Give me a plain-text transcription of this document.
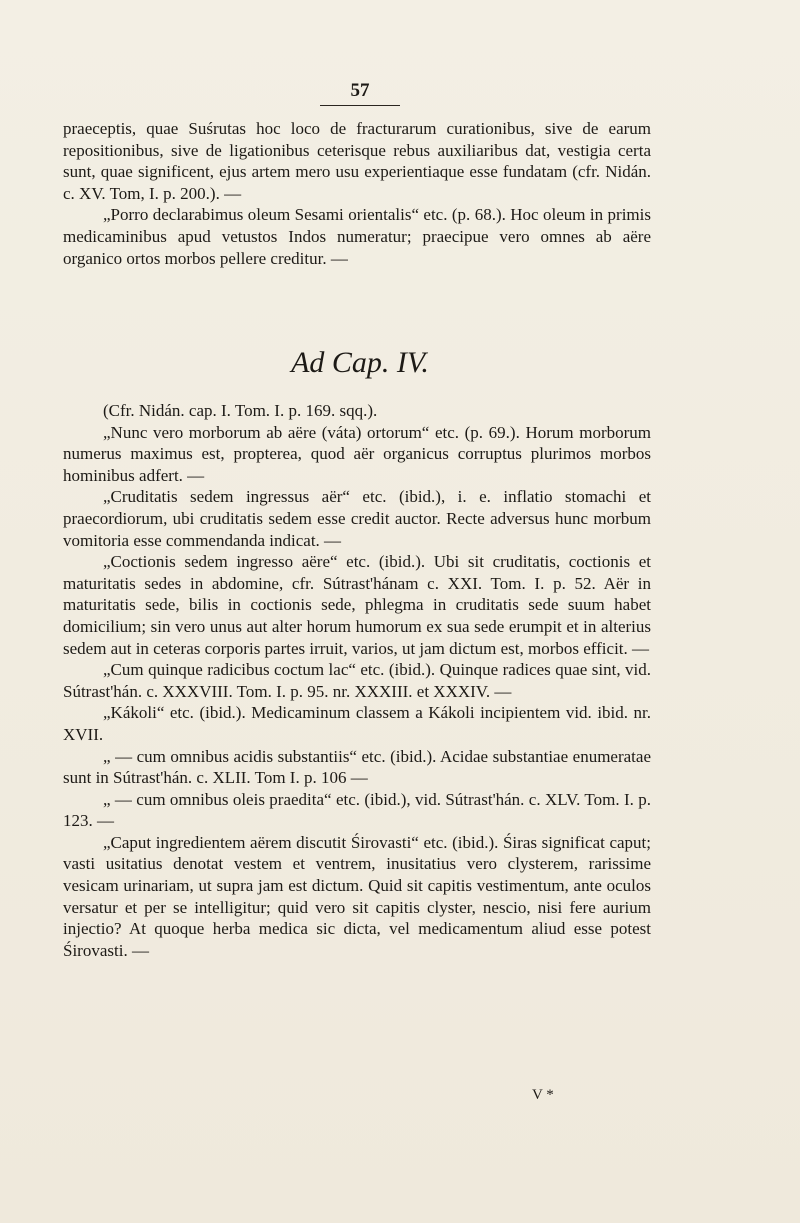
57

praeceptis, quae Suśrutas hoc loco de fracturarum curationibus, sive de earum repositionibus, sive de ligationibus ceterisque rebus auxiliaribus dat, vestigia certa sunt, quae significent, ejus artem mero usu experientiaque esse fundatam (cfr. Nidán. c. XV. Tom, I. p. 200.). —

„Porro declarabimus oleum Sesami orientalis“ etc. (p. 68.). Hoc oleum in primis medicaminibus apud vetustos Indos numeratur; praecipue vero omnes ab aëre organico ortos morbos pellere creditur. —

Ad Cap. IV.

(Cfr. Nidán. cap. I. Tom. I. p. 169. sqq.).

„Nunc vero morborum ab aëre (váta) ortorum“ etc. (p. 69.). Horum morborum numerus maximus est, propterea, quod aër organicus corruptus plurimos morbos hominibus adfert. —

„Cruditatis sedem ingressus aër“ etc. (ibid.), i. e. inflatio stomachi et praecordiorum, ubi cruditatis sedem esse credit auctor. Recte adversus hunc morbum vomitoria esse commendanda indicat. —

„Coctionis sedem ingresso aëre“ etc. (ibid.). Ubi sit cruditatis, coctionis et maturitatis sedes in abdomine, cfr. Sútrast'hánam c. XXI. Tom. I. p. 52. Aër in maturitatis sede, bilis in coctionis sede, phlegma in cruditatis sede suum habet domicilium; sin vero unus aut alter horum humorum ex sua sede erumpit et in alterius sedem aut in ceteras corporis partes irruit, varios, ut jam dictum est, morbos efficit. —

„Cum quinque radicibus coctum lac“ etc. (ibid.). Quinque radices quae sint, vid. Sútrast'hán. c. XXXVIII. Tom. I. p. 95. nr. XXXIII. et XXXIV. —

„Kákoli“ etc. (ibid.). Medicaminum classem a Kákoli incipientem vid. ibid. nr. XVII.

„ — cum omnibus acidis substantiis“ etc. (ibid.). Acidae substantiae enumeratae sunt in Sútrast'hán. c. XLII. Tom I. p. 106 —

„ — cum omnibus oleis praedita“ etc. (ibid.), vid. Sútrast'hán. c. XLV. Tom. I. p. 123. —

„Caput ingredientem aërem discutit Śirovasti“ etc. (ibid.). Śiras significat caput; vasti usitatius denotat vestem et ventrem, inusitatius vero clysterem, rarissime vesicam urinariam, ut supra jam est dictum. Quid sit capitis vestimentum, ante oculos versatur et per se intelligitur; quid vero sit capitis clyster, nescio, nisi fere aurium injectio? At quoque herba medica sic dicta, vel medicamentum aliud esse potest Śirovasti. —

V *
